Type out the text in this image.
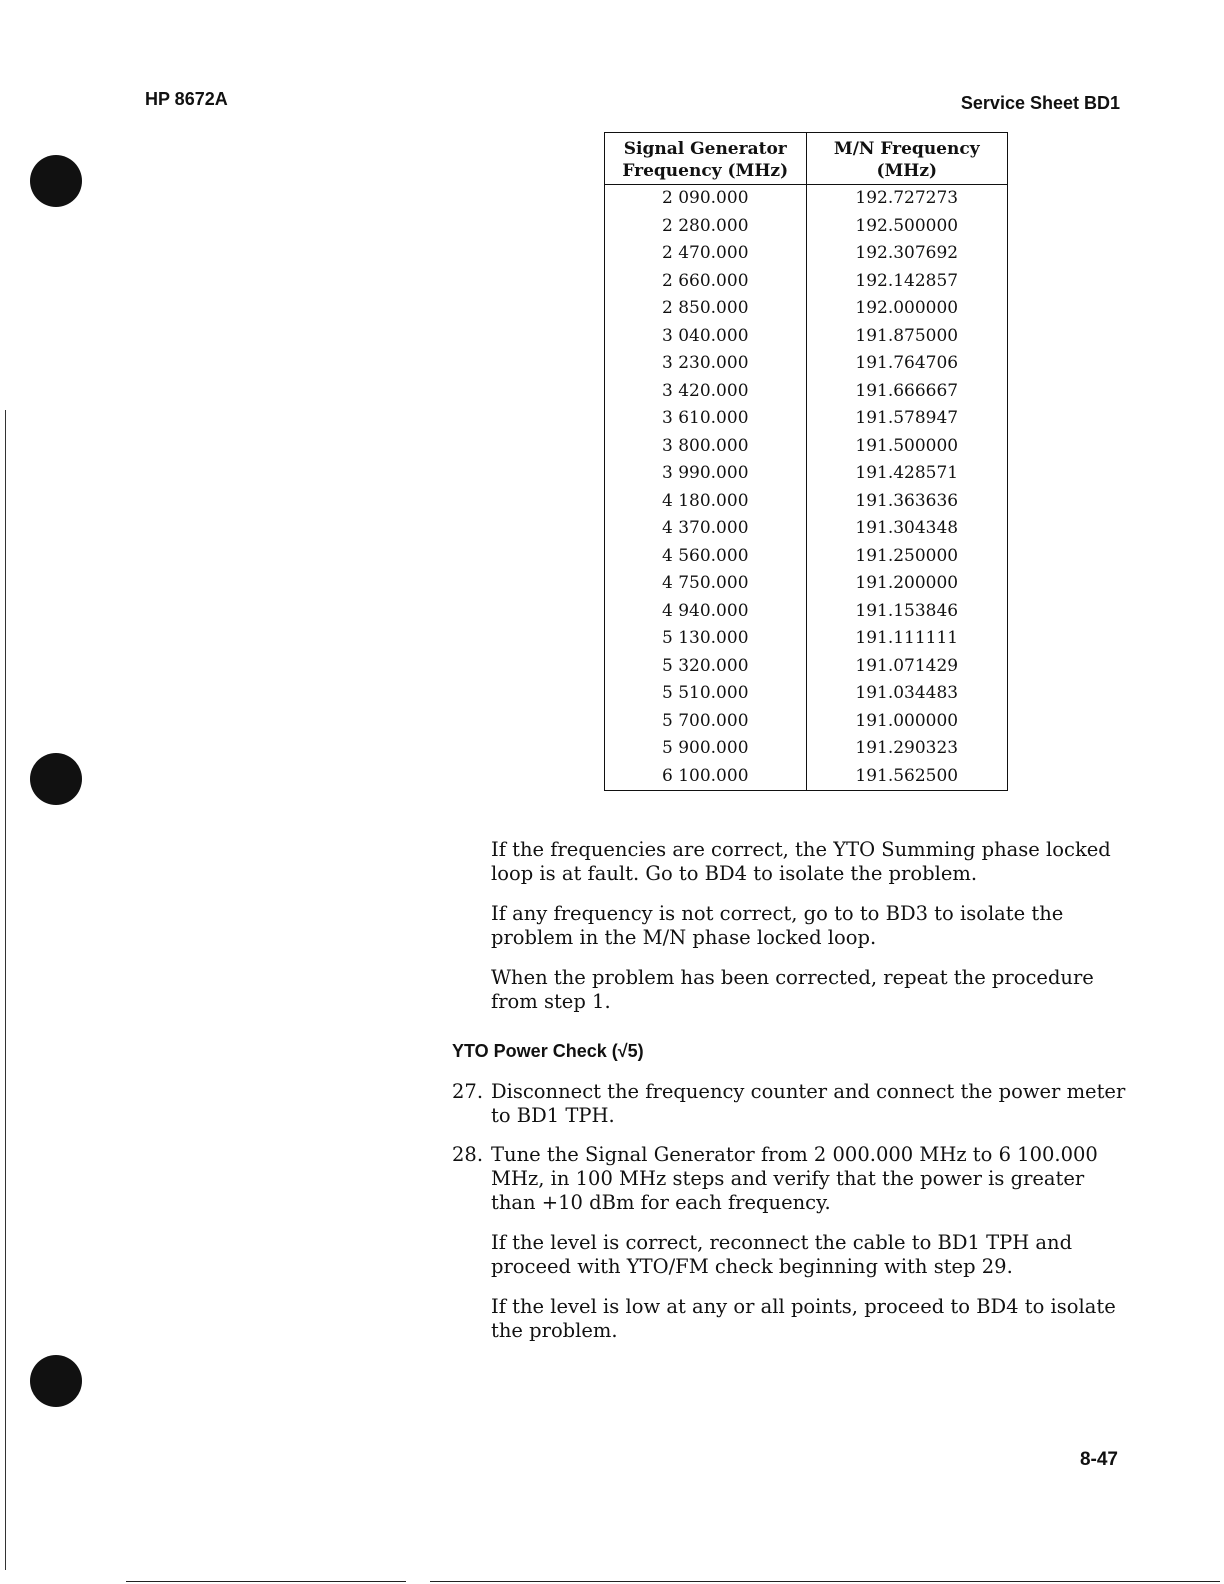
HP 8672A	Service Sheet BD1
Signal Generator Frequency (MHz)	M/N Frequency (MHz)
2 090.000	192.727273
2 280.000	192.500000
2 470.000	192.307692
2 660.000	192.142857
2 850.000	192.000000
3 040.000	191.875000
3 230.000	191.764706
3 420.000	191.666667
3 610.000	191.578947
3 800.000	191.500000
3 990.000	191.428571
4 180.000	191.363636
4 370.000	191.304348
4 560.000	191.250000
4 750.000	191.200000
4 940.000	191.153846
5 130.000	191.111111
5 320.000	191.071429
5 510.000	191.034483
5 700.000	191.000000
5 900.000	191.290323
6 100.000	191.562500

If the frequencies are correct, the YTO Summing phase locked loop is at fault. Go to BD4 to isolate the problem.

If any frequency is not correct, go to to BD3 to isolate the problem in the M/N phase locked loop.

When the problem has been corrected, repeat the procedure from step 1.

YTO Power Check (√5)
27. Disconnect the frequency counter and connect the power meter to BD1 TPH.
28. Tune the Signal Generator from 2 000.000 MHz to 6 100.000 MHz, in 100 MHz steps and verify that the power is greater than +10 dBm for each frequency.

If the level is correct, reconnect the cable to BD1 TPH and proceed with YTO/FM check beginning with step 29.

If the level is low at any or all points, proceed to BD4 to isolate the problem.

8-47
